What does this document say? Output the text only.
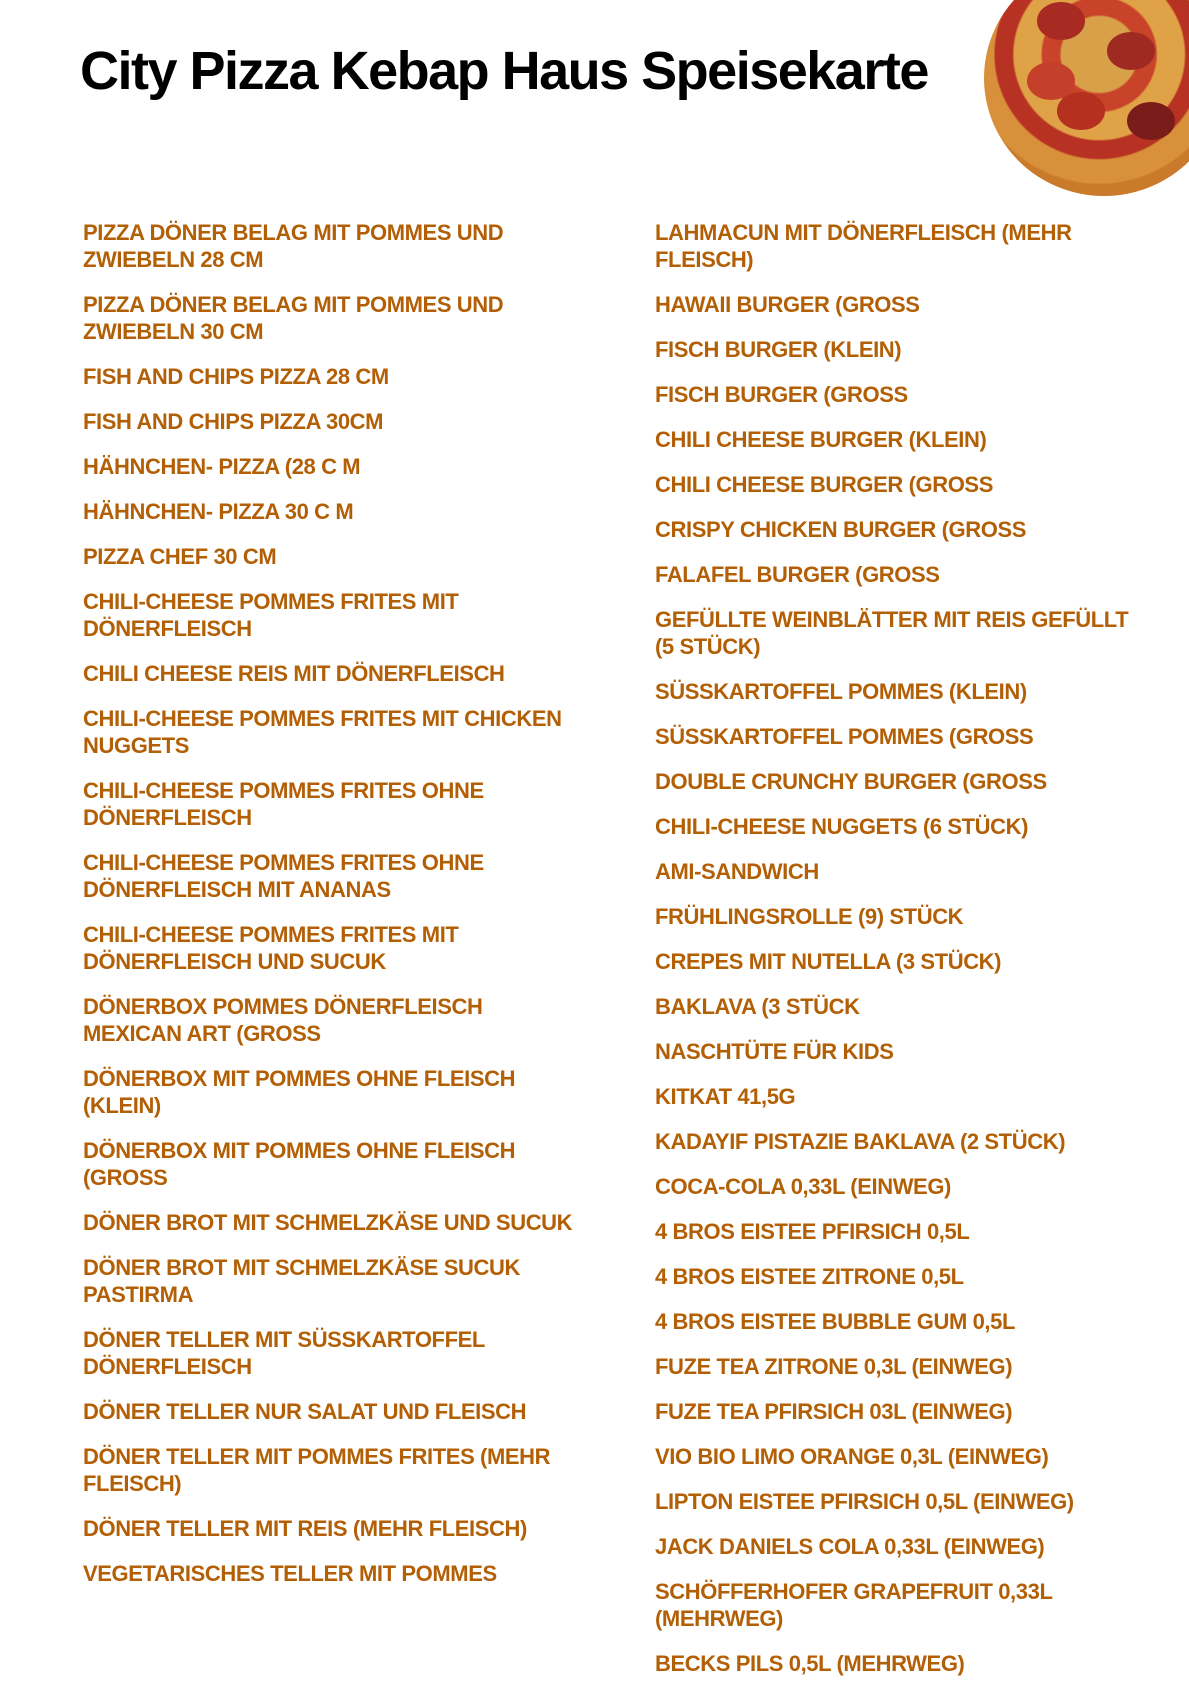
City Pizza Kebap Haus Speisekarte
PIZZA DÖNER BELAG MIT POMMES UND ZWIEBELN 28 CM
PIZZA DÖNER BELAG MIT POMMES UND ZWIEBELN 30 CM
FISH AND CHIPS PIZZA 28 CM
FISH AND CHIPS PIZZA 30CM
HÄHNCHEN- PIZZA (28 C M
HÄHNCHEN- PIZZA 30 C M
PIZZA CHEF 30 CM
CHILI-CHEESE POMMES FRITES MIT DÖNERFLEISCH
CHILI CHEESE REIS MIT DÖNERFLEISCH
CHILI-CHEESE POMMES FRITES MIT CHICKEN NUGGETS
CHILI-CHEESE POMMES FRITES OHNE DÖNERFLEISCH
CHILI-CHEESE POMMES FRITES OHNE DÖNERFLEISCH MIT ANANAS
CHILI-CHEESE POMMES FRITES MIT DÖNERFLEISCH UND SUCUK
DÖNERBOX POMMES DÖNERFLEISCH MEXICAN ART (GROSS
DÖNERBOX MIT POMMES OHNE FLEISCH (KLEIN)
DÖNERBOX MIT POMMES OHNE FLEISCH (GROSS
DÖNER BROT MIT SCHMELZKÄSE UND SUCUK
DÖNER BROT MIT SCHMELZKÄSE SUCUK PASTIRMA
DÖNER TELLER MIT SÜSSKARTOFFEL DÖNERFLEISCH
DÖNER TELLER NUR SALAT UND FLEISCH
DÖNER TELLER MIT POMMES FRITES (MEHR FLEISCH)
DÖNER TELLER MIT REIS (MEHR FLEISCH)
VEGETARISCHES TELLER MIT POMMES
LAHMACUN MIT DÖNERFLEISCH (MEHR FLEISCH)
HAWAII BURGER (GROSS
FISCH BURGER (KLEIN)
FISCH BURGER (GROSS
CHILI CHEESE BURGER (KLEIN)
CHILI CHEESE BURGER (GROSS
CRISPY CHICKEN BURGER (GROSS
FALAFEL BURGER (GROSS
GEFÜLLTE WEINBLÄTTER MIT REIS GEFÜLLT (5 STÜCK)
SÜSSKARTOFFEL POMMES (KLEIN)
SÜSSKARTOFFEL POMMES (GROSS
DOUBLE CRUNCHY BURGER (GROSS
CHILI-CHEESE NUGGETS (6 STÜCK)
AMI-SANDWICH
FRÜHLINGSROLLE (9) STÜCK
CREPES MIT NUTELLA (3 STÜCK)
BAKLAVA (3 STÜCK
NASCHTÜTE FÜR KIDS
KITKAT 41,5G
KADAYIF PISTAZIE BAKLAVA (2 STÜCK)
COCA-COLA 0,33L (EINWEG)
4 BROS EISTEE PFIRSICH 0,5L
4 BROS EISTEE ZITRONE 0,5L
4 BROS EISTEE BUBBLE GUM 0,5L
FUZE TEA ZITRONE 0,3L (EINWEG)
FUZE TEA PFIRSICH 03L (EINWEG)
VIO BIO LIMO ORANGE 0,3L (EINWEG)
LIPTON EISTEE PFIRSICH 0,5L (EINWEG)
JACK DANIELS COLA 0,33L (EINWEG)
SCHÖFFERHOFER GRAPEFRUIT 0,33L (MEHRWEG)
BECKS PILS 0,5L (MEHRWEG)
